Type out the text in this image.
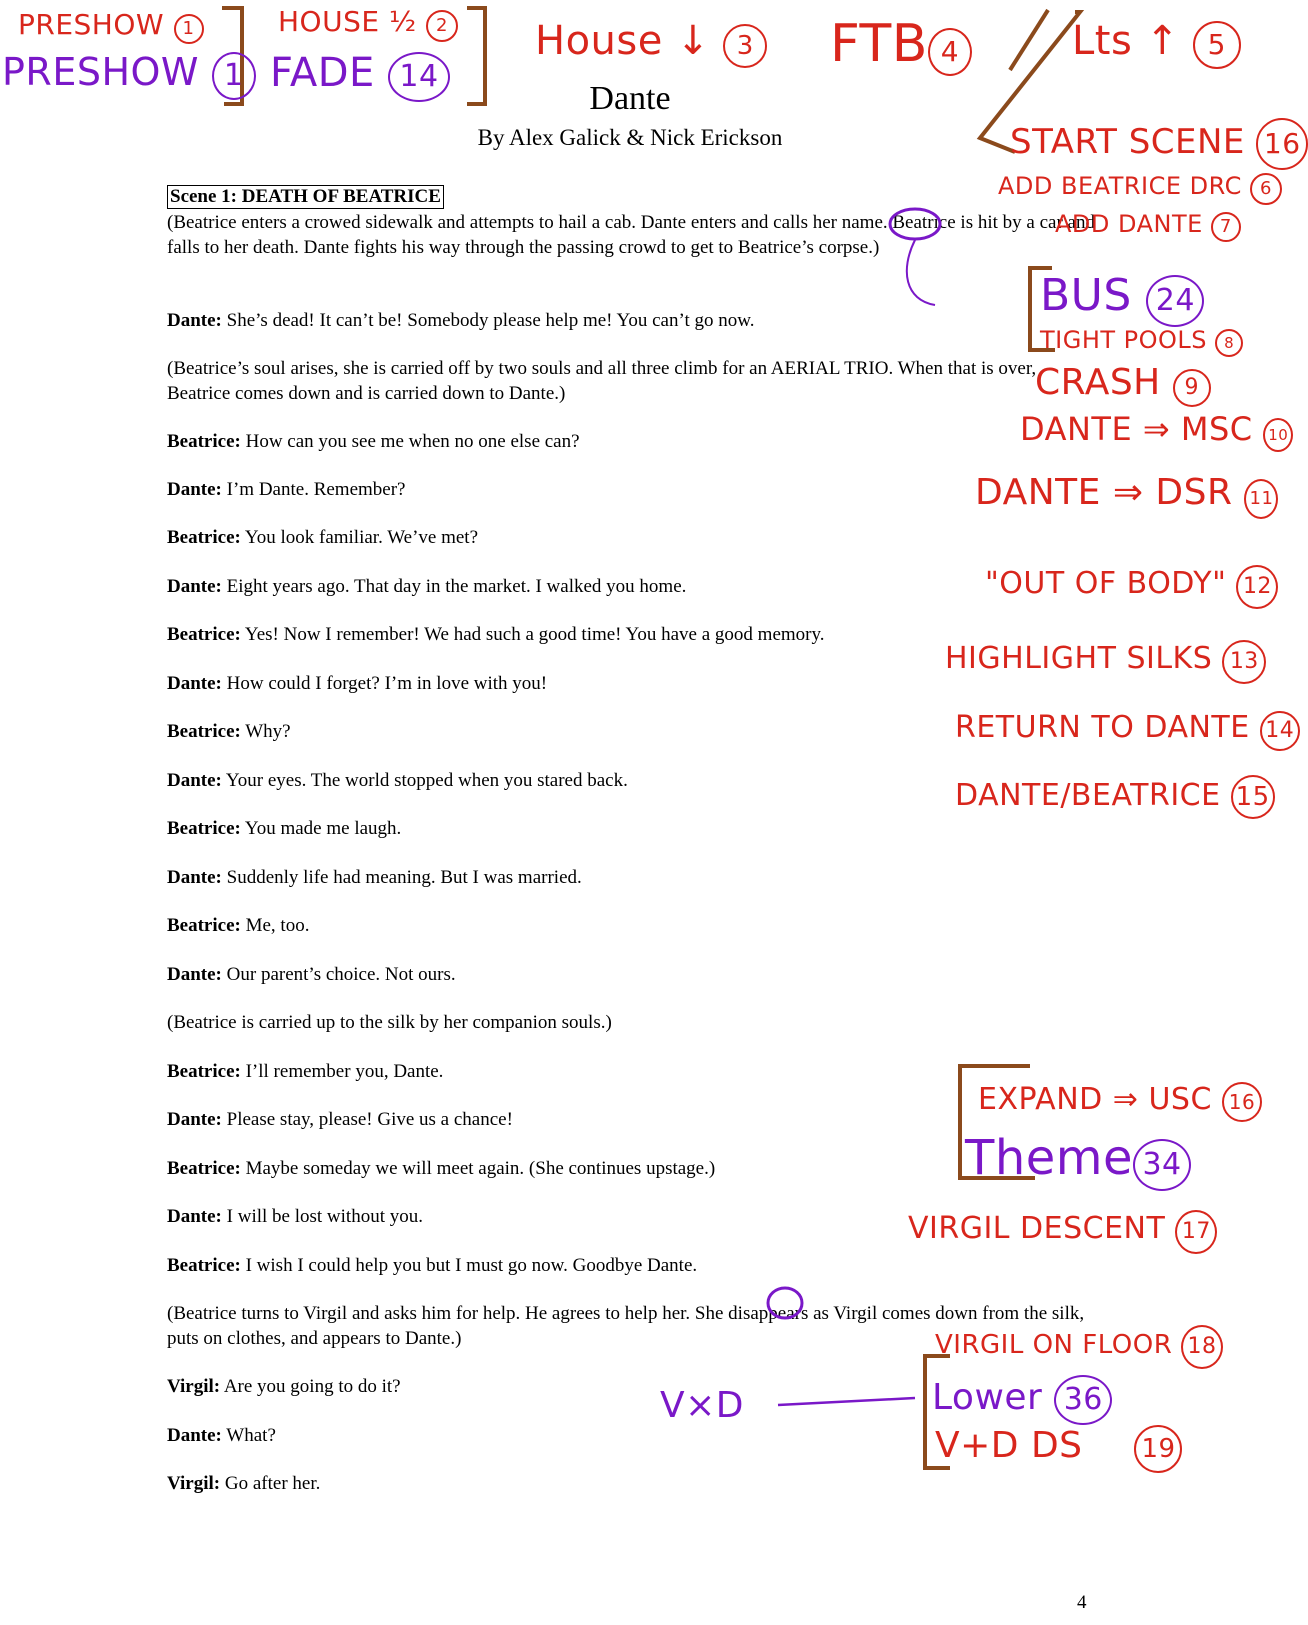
Dante
By Alex Galick & Nick Erickson
Scene 1: DEATH OF BEATRICE

(Beatrice enters a crowed sidewalk and attempts to hail a cab. Dante enters and calls her name. Beatrice is hit by a car and falls to her death. Dante fights his way through the passing crowd to get to Beatrice’s corpse.)

Dante: She’s dead! It can’t be! Somebody please help me! You can’t go now.

(Beatrice’s soul arises, she is carried off by two souls and all three climb for an AERIAL TRIO. When that is over, Beatrice comes down and is carried down to Dante.)

Beatrice: How can you see me when no one else can?

Dante: I’m Dante. Remember?

Beatrice: You look familiar. We’ve met?

Dante: Eight years ago. That day in the market. I walked you home.

Beatrice: Yes! Now I remember! We had such a good time! You have a good memory.

Dante: How could I forget? I’m in love with you!

Beatrice: Why?

Dante: Your eyes. The world stopped when you stared back.

Beatrice: You made me laugh.

Dante: Suddenly life had meaning. But I was married.

Beatrice: Me, too.

Dante: Our parent’s choice. Not ours.

(Beatrice is carried up to the silk by her companion souls.)

Beatrice: I’ll remember you, Dante.

Dante: Please stay, please! Give us a chance!

Beatrice: Maybe someday we will meet again. (She continues upstage.)

Dante: I will be lost without you.

Beatrice: I wish I could help you but I must go now. Goodbye Dante.

(Beatrice turns to Virgil and asks him for help. He agrees to help her. She disappears as Virgil comes down from the silk, puts on clothes, and appears to Dante.)

Virgil: Are you going to do it?

Dante: What?

Virgil: Go after her.

4
PRESHOW 1
PRESHOW 1
HOUSE ½ 2
FADE 14
House ↓ 3 FTB 4	Lts ↑ 5
START SCENE 16
ADD BEATRICE DRC 6
ADD DANTE 7
BUS 24
TIGHT POOLS 8
CRASH 9
DANTE ⇒ MSC 10
DANTE ⇒ DSR 11
"OUT OF BODY" 12
HIGHLIGHT SILKS 13
RETURN TO DANTE 14
DANTE/BEATRICE 15
EXPAND ⇒ USC 16
Theme 34
VIRGIL DESCENT 17
VIRGIL ON FLOOR 18
V×D	Lower 36
V+D DS 19
